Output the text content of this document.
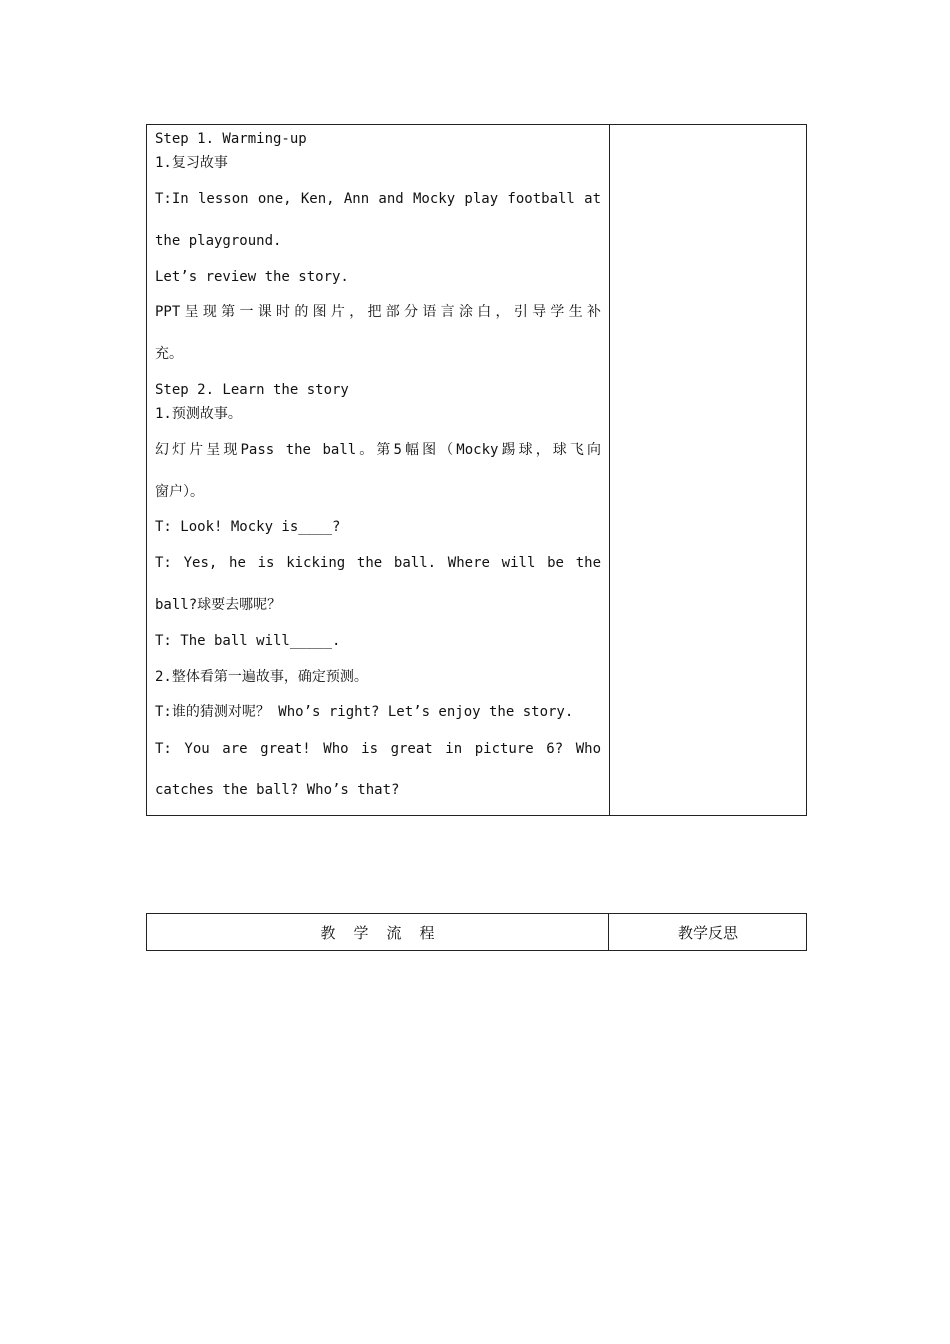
Step 1. Warming-up
1.复习故事
T:In lesson one, Ken, Ann and Mocky play football at
the playground.
Let’s review the story.
PPT呈现第一课时的图片，把部分语言涂白，引导学生补
充。
Step 2. Learn the story
1.预测故事。
幻灯片呈现Pass the ball。第5幅图（Mocky踢球，球飞向
窗户）。
T: Look! Mocky is____?
T: Yes, he is kicking the ball. Where will be the
ball?球要去哪呢？
T: The ball will_____.
2.整体看第一遍故事，确定预测。
T:谁的猜测对呢？ Who’s right? Let’s enjoy the story.
T: You are great! Who is great in picture 6? Who
catches the ball? Who’s that?
教学流程	教学反思
